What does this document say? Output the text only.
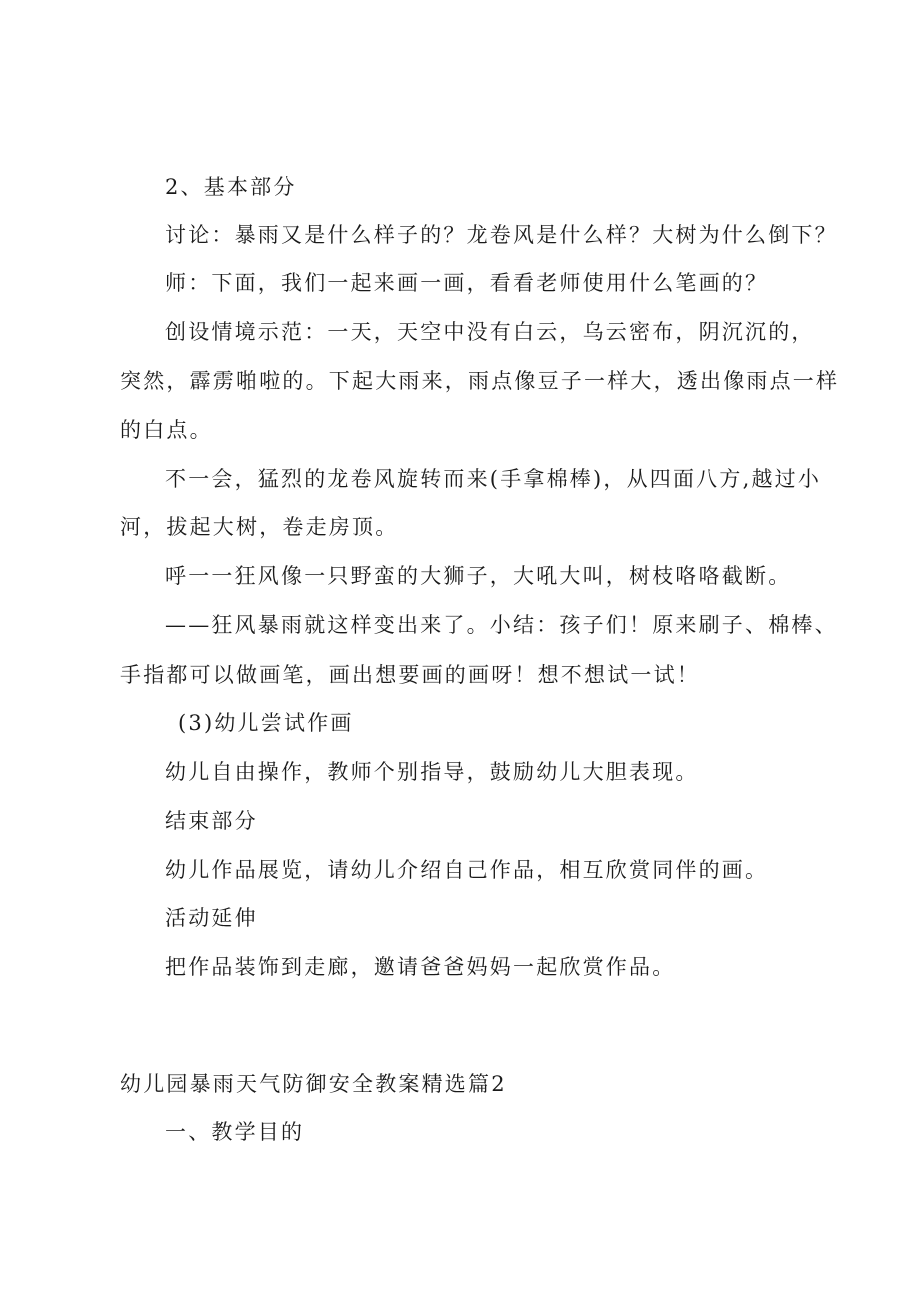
2、基本部分
讨论：暴雨又是什么样子的？龙卷风是什么样？大树为什么倒下？
师：下面，我们一起来画一画，看看老师使用什么笔画的？
创设情境示范：一天，天空中没有白云，乌云密布，阴沉沉的，
突然，霹雳啪啦的。下起大雨来，雨点像豆子一样大，透出像雨点一样
的白点。
不一会，猛烈的龙卷风旋转而来(手拿棉棒)，从四面八方,越过小
河，拔起大树，卷走房顶。
呼一一狂风像一只野蛮的大狮子，大吼大叫，树枝咯咯截断。
——狂风暴雨就这样变出来了。小结：孩子们！原来刷子、棉棒、
手指都可以做画笔，画出想要画的画呀！想不想试一试！
(3)幼儿尝试作画
幼儿自由操作，教师个别指导，鼓励幼儿大胆表现。
结束部分
幼儿作品展览，请幼儿介绍自己作品，相互欣赏同伴的画。
活动延伸
把作品装饰到走廊，邀请爸爸妈妈一起欣赏作品。
幼儿园暴雨天气防御安全教案精选篇2
一、教学目的
